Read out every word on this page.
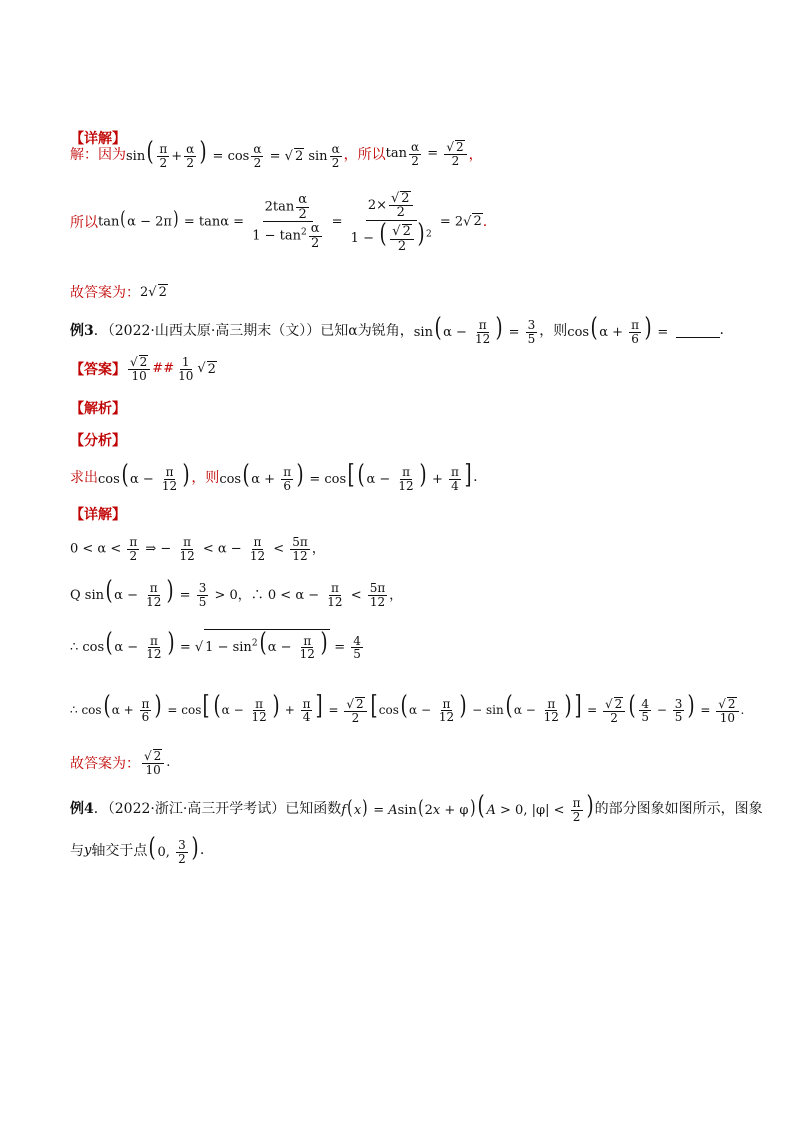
【详解】
解：因为 $\sin( \frac{\pi}{2} + \frac{\alpha}{2}$ ) = $\cos \frac{\alpha}{2}$ = √ 2 $\sin \frac{\alpha}{2}$ ，所以 $\tan \frac{\alpha}{2} = \frac{√ 2}{2}$ ，
所以 $\tan(\alpha - 2\pi) = \tan\alpha = \frac{2\tan \frac{\alpha}{2}}{1 - \tan^2 \frac{\alpha}{2}} = \frac{2\times \frac{√ 2}{2}}{1 - ( \frac{√ 2}{2} ) ^2} = 2√$ 2 .
故答案为： 2√ 2
例3 ．（2022·山西太原·高三期末（文））已知 α为锐角， sin( $\alpha - \frac{\pi}{12}$ ) = $\frac{3}{5}$ ，则 cos( $\alpha + \frac{\pi}{6}$ ) =	.
【答案】 $\frac{√ 2}{10}$ ## $\frac{1}{10}$ √ 2
【解析】
【分析】
求出 cos( $\alpha - \frac{\pi}{12}$ ) ，则 cos( $\alpha + \frac{\pi}{6}$ ) = cos[ ( $\alpha - \frac{\pi}{12}$ ) + $\frac{\pi}{4}$ ] .
【详解】
$0 < \alpha < \frac{\pi}{2}$ ⇒ − $\frac{\pi}{12} < \alpha - \frac{\pi}{12} < \frac{5\pi}{12}$ ，
Q sin( $\alpha - \frac{\pi}{12}$ ) = $\frac{3}{5} > 0$，∴ $0 < \alpha - \frac{\pi}{12} < \frac{5\pi}{12}$ ，
∴ cos( $\alpha - \frac{\pi}{12}$ ) = √ $1 - \sin^2$( $\alpha - \frac{\pi}{12}$ ) = $\frac{4}{5}$
∴ cos( $\alpha + \frac{\pi}{6}$ ) = cos[ ( $\alpha - \frac{\pi}{12}$ ) + $\frac{\pi}{4}$ ] = $\frac{√ 2}{2}$ [ cos( $\alpha - \frac{\pi}{12}$ ) − sin( $\alpha - \frac{\pi}{12}$ ) ] = $\frac{√ 2}{2}$ ( $\frac{4}{5} - \frac{3}{5}$ ) = $\frac{√ 2}{10}$ .
故答案为： $\frac{√ 2}{10}$ .
例4 ．（2022·浙江·高三开学考试）已知函数 f(x) = Asin(2x + φ) ( A > 0, $|\varphi| < \frac{\pi}{2}$ ) 的部分图象如图所示，图象
与 y 轴交于点 ( 0, $\frac{3}{2}$ ) .
